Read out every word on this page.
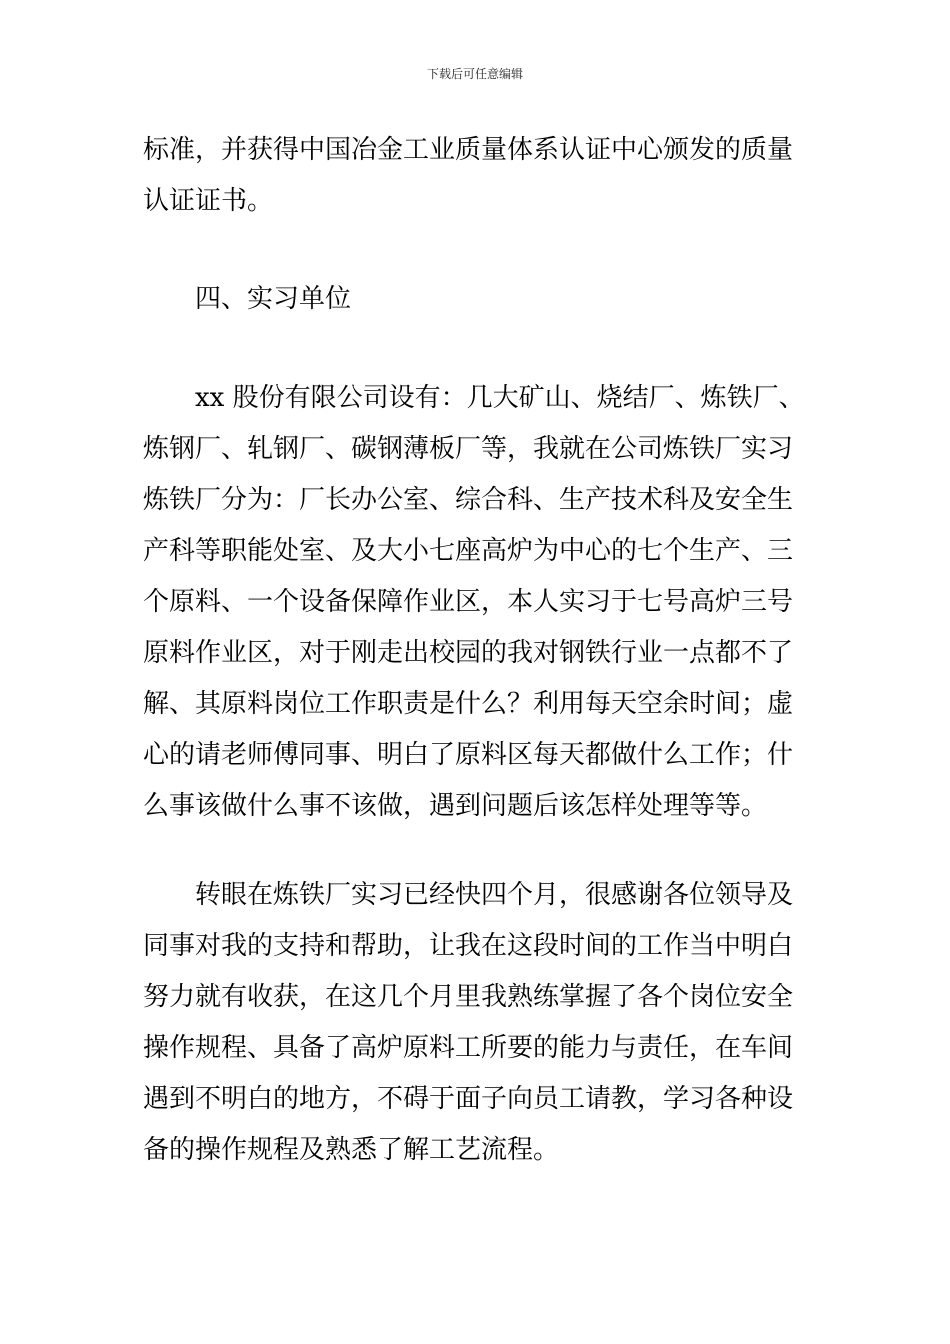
下载后可任意编辑
标准，并获得中国冶金工业质量体系认证中心颁发的质量
认证证书。
　　四、实习单位
　　xx 股份有限公司设有：几大矿山、烧结厂、炼铁厂、
炼钢厂、轧钢厂、碳钢薄板厂等，我就在公司炼铁厂实习
炼铁厂分为：厂长办公室、综合科、生产技术科及安全生
产科等职能处室、及大小七座高炉为中心的七个生产、三
个原料、一个设备保障作业区，本人实习于七号高炉三号
原料作业区，对于刚走出校园的我对钢铁行业一点都不了
解、其原料岗位工作职责是什么？利用每天空余时间；虚
心的请老师傅同事、明白了原料区每天都做什么工作；什
么事该做什么事不该做，遇到问题后该怎样处理等等。
　　转眼在炼铁厂实习已经快四个月，很感谢各位领导及
同事对我的支持和帮助，让我在这段时间的工作当中明白
努力就有收获，在这几个月里我熟练掌握了各个岗位安全
操作规程、具备了高炉原料工所要的能力与责任，在车间
遇到不明白的地方，不碍于面子向员工请教，学习各种设
备的操作规程及熟悉了解工艺流程。
